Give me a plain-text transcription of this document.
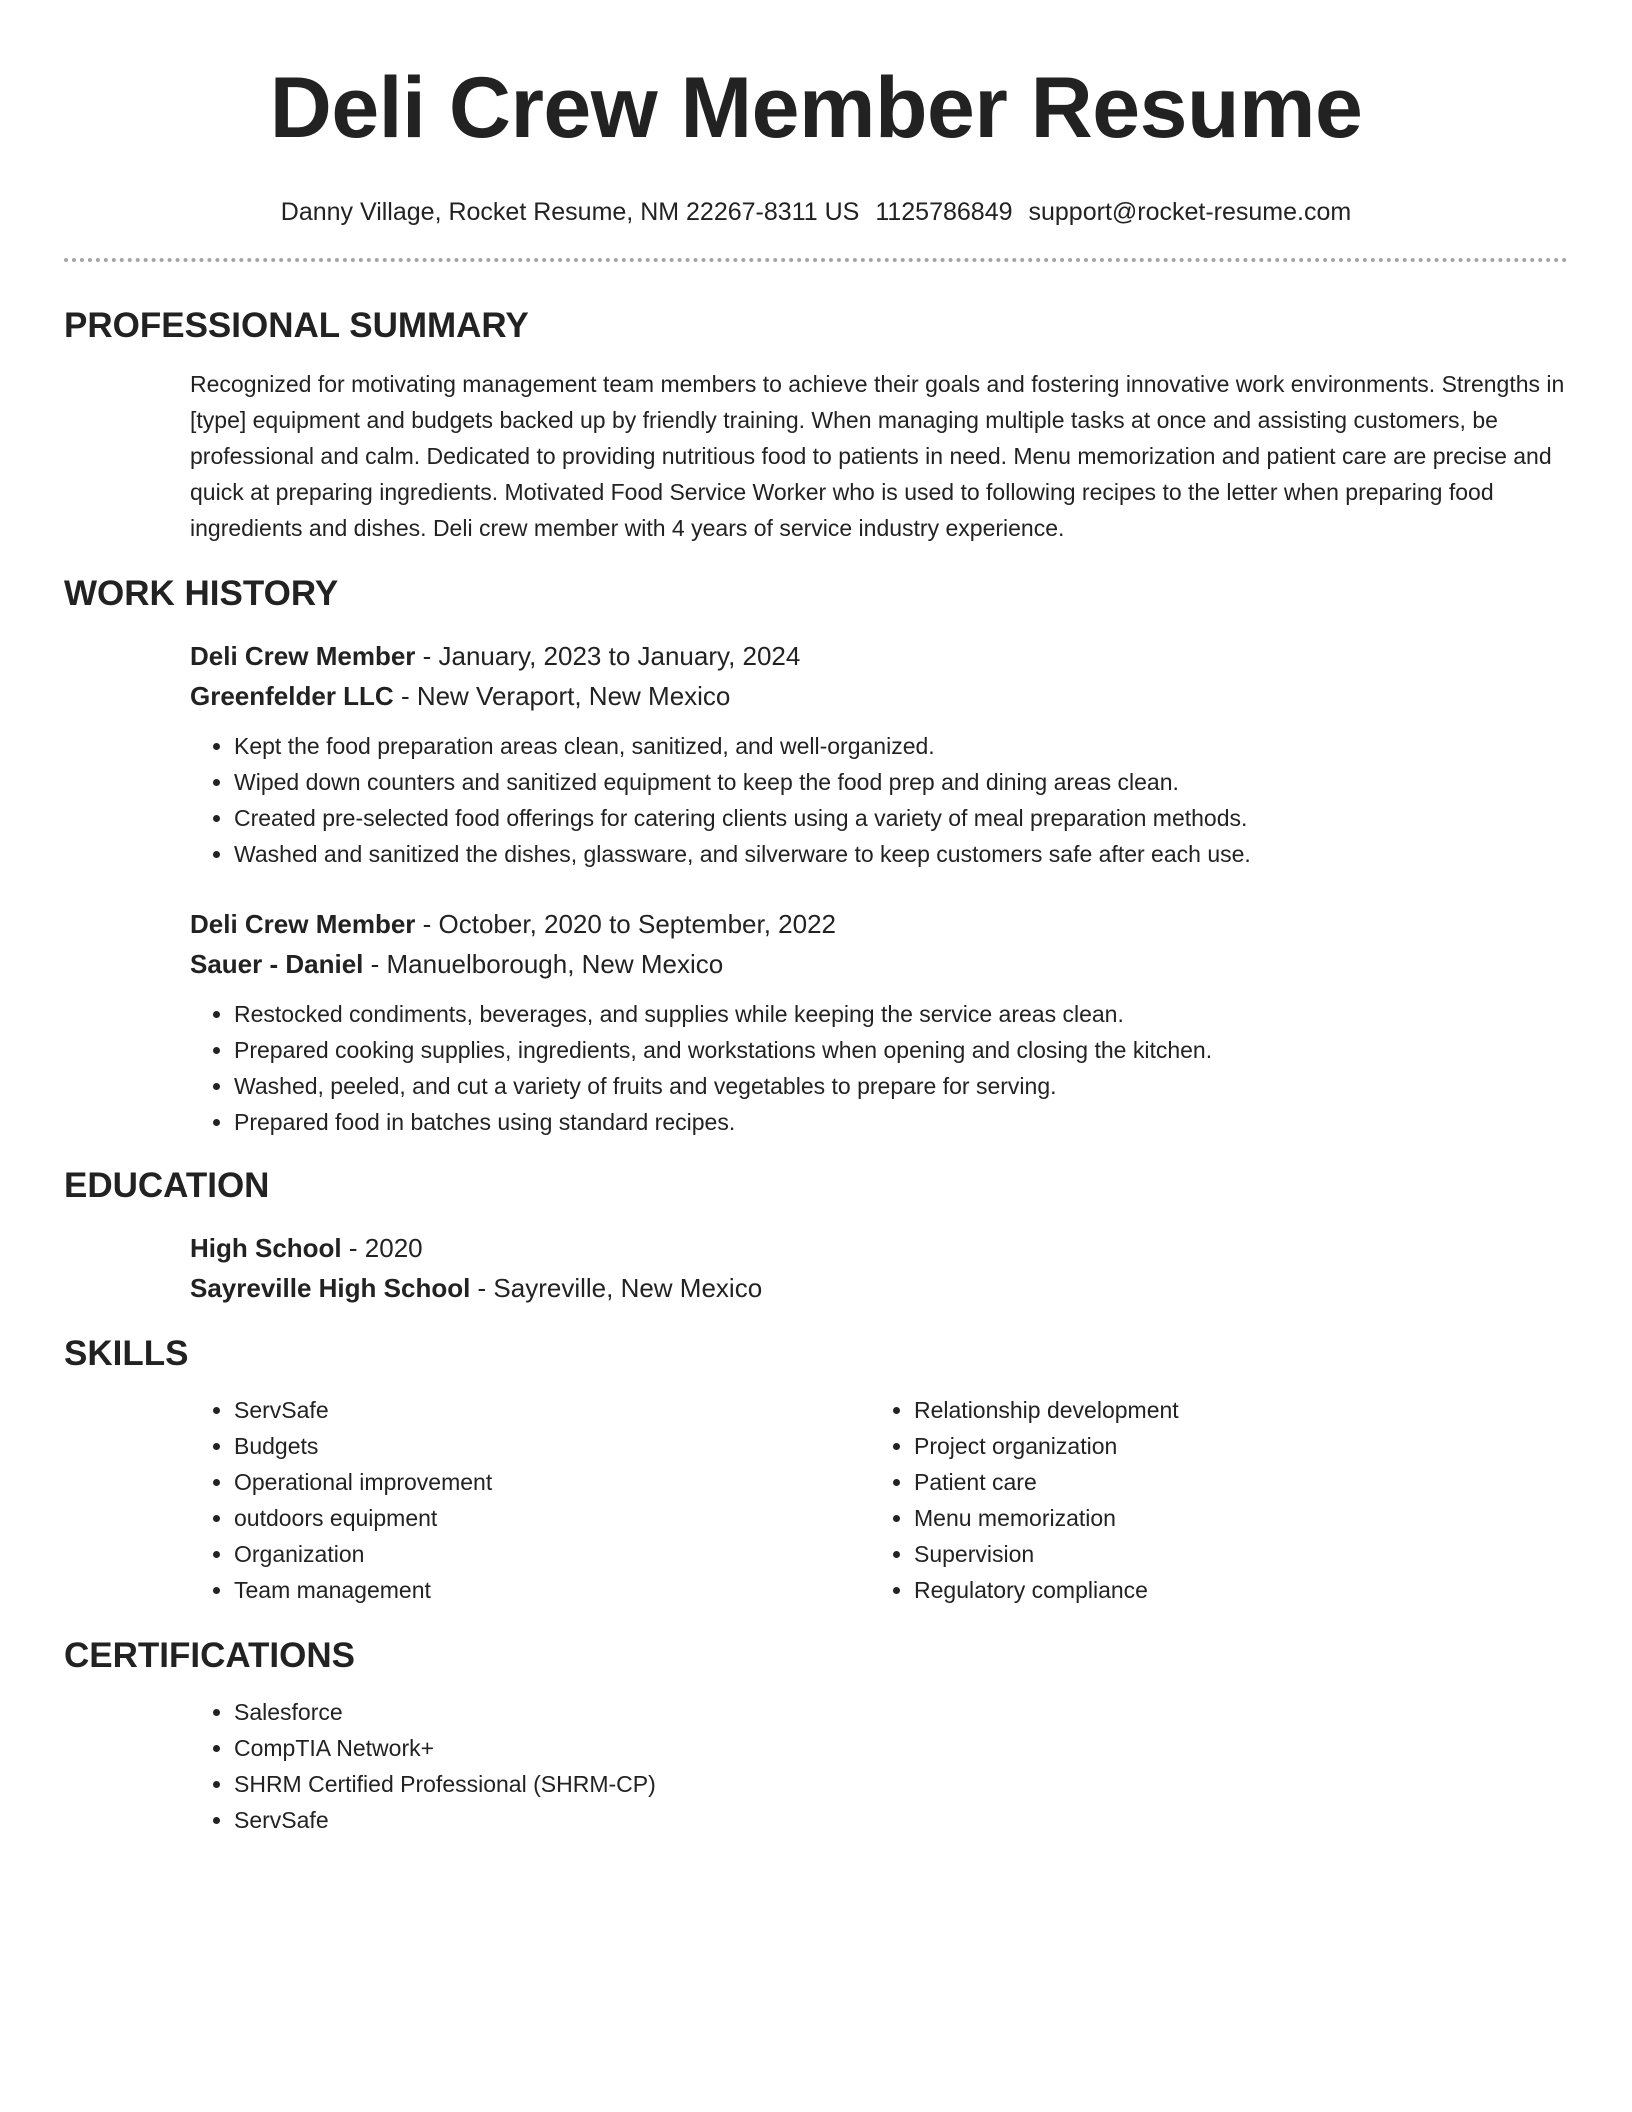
Deli Crew Member Resume
Danny Village, Rocket Resume, NM 22267-8311 US 1125786849 support@rocket-resume.com
PROFESSIONAL SUMMARY

Recognized for motivating management team members to achieve their goals and fostering innovative work environments. Strengths in [type] equipment and budgets backed up by friendly training. When managing multiple tasks at once and assisting customers, be professional and calm. Dedicated to providing nutritious food to patients in need. Menu memorization and patient care are precise and quick at preparing ingredients. Motivated Food Service Worker who is used to following recipes to the letter when preparing food ingredients and dishes. Deli crew member with 4 years of service industry experience.

WORK HISTORY
Deli Crew Member - January, 2023 to January, 2024
Greenfelder LLC - New Veraport, New Mexico
• Kept the food preparation areas clean, sanitized, and well-organized.
• Wiped down counters and sanitized equipment to keep the food prep and dining areas clean.
• Created pre-selected food offerings for catering clients using a variety of meal preparation methods.
• Washed and sanitized the dishes, glassware, and silverware to keep customers safe after each use.
Deli Crew Member - October, 2020 to September, 2022
Sauer - Daniel - Manuelborough, New Mexico
• Restocked condiments, beverages, and supplies while keeping the service areas clean.
• Prepared cooking supplies, ingredients, and workstations when opening and closing the kitchen.
• Washed, peeled, and cut a variety of fruits and vegetables to prepare for serving.
• Prepared food in batches using standard recipes.
EDUCATION
High School - 2020
Sayreville High School - Sayreville, New Mexico
SKILLS
• ServSafe
• Budgets
• Operational improvement
• outdoors equipment
• Organization
• Team management
• Relationship development
• Project organization
• Patient care
• Menu memorization
• Supervision
• Regulatory compliance
CERTIFICATIONS
• Salesforce
• CompTIA Network+
• SHRM Certified Professional (SHRM-CP)
• ServSafe
